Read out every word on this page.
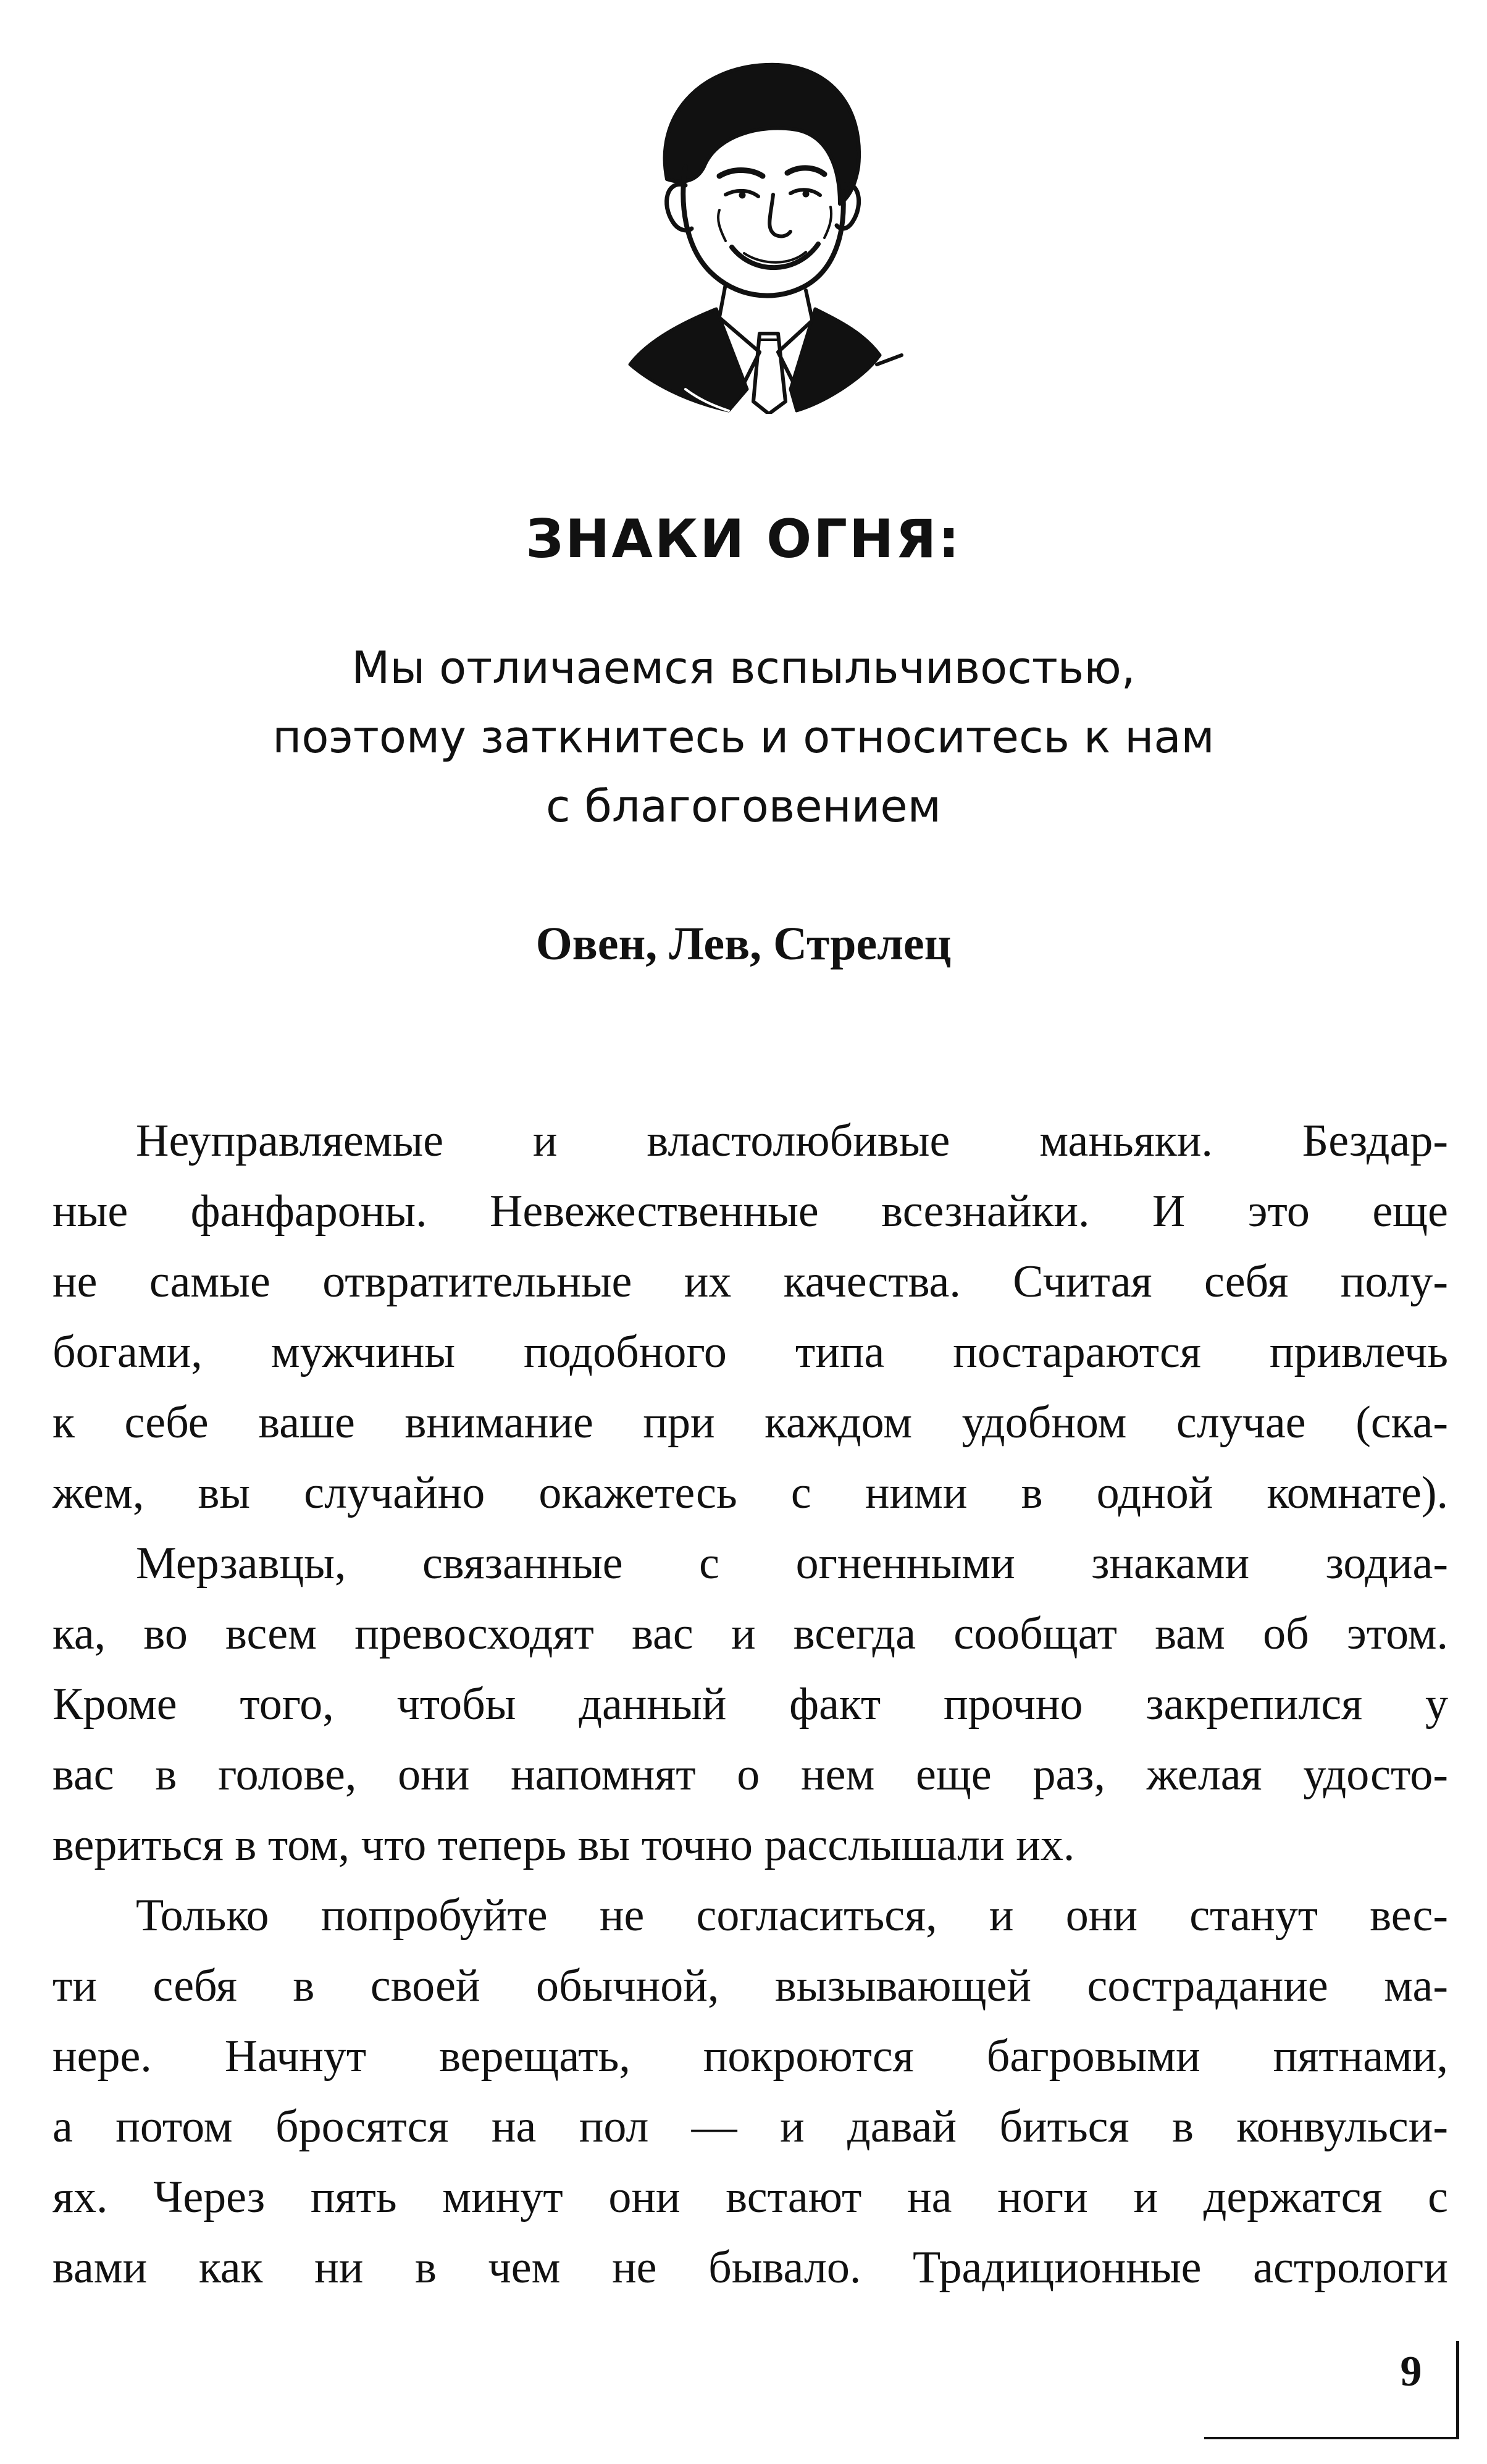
ЗНАКИ ОГНЯ:
Мы отличаемся вспыльчивостью,
поэтому заткнитесь и относитесь к нам
с благоговением
Овен, Лев, Стрелец

Неуправляемые и властолюбивые маньяки. Бездар-
ные фанфароны. Невежественные всезнайки. И это еще
не самые отвратительные их качества. Считая себя полу-
богами, мужчины подобного типа постараются привлечь
к себе ваше внимание при каждом удобном случае (ска-
жем, вы случайно окажетесь с ними в одной комнате).

Мерзавцы, связанные с огненными знаками зодиа-
ка, во всем превосходят вас и всегда сообщат вам об этом.
Кроме того, чтобы данный факт прочно закрепился у
вас в голове, они напомнят о нем еще раз, желая удосто-
вериться в том, что теперь вы точно расслышали их.

Только попробуйте не согласиться, и они станут вес-
ти себя в своей обычной, вызывающей сострадание ма-
нере. Начнут верещать, покроются багровыми пятнами,
а потом бросятся на пол — и давай биться в конвульси-
ях. Через пять минут они встают на ноги и держатся с
вами как ни в чем не бывало. Традиционные астрологи

9
